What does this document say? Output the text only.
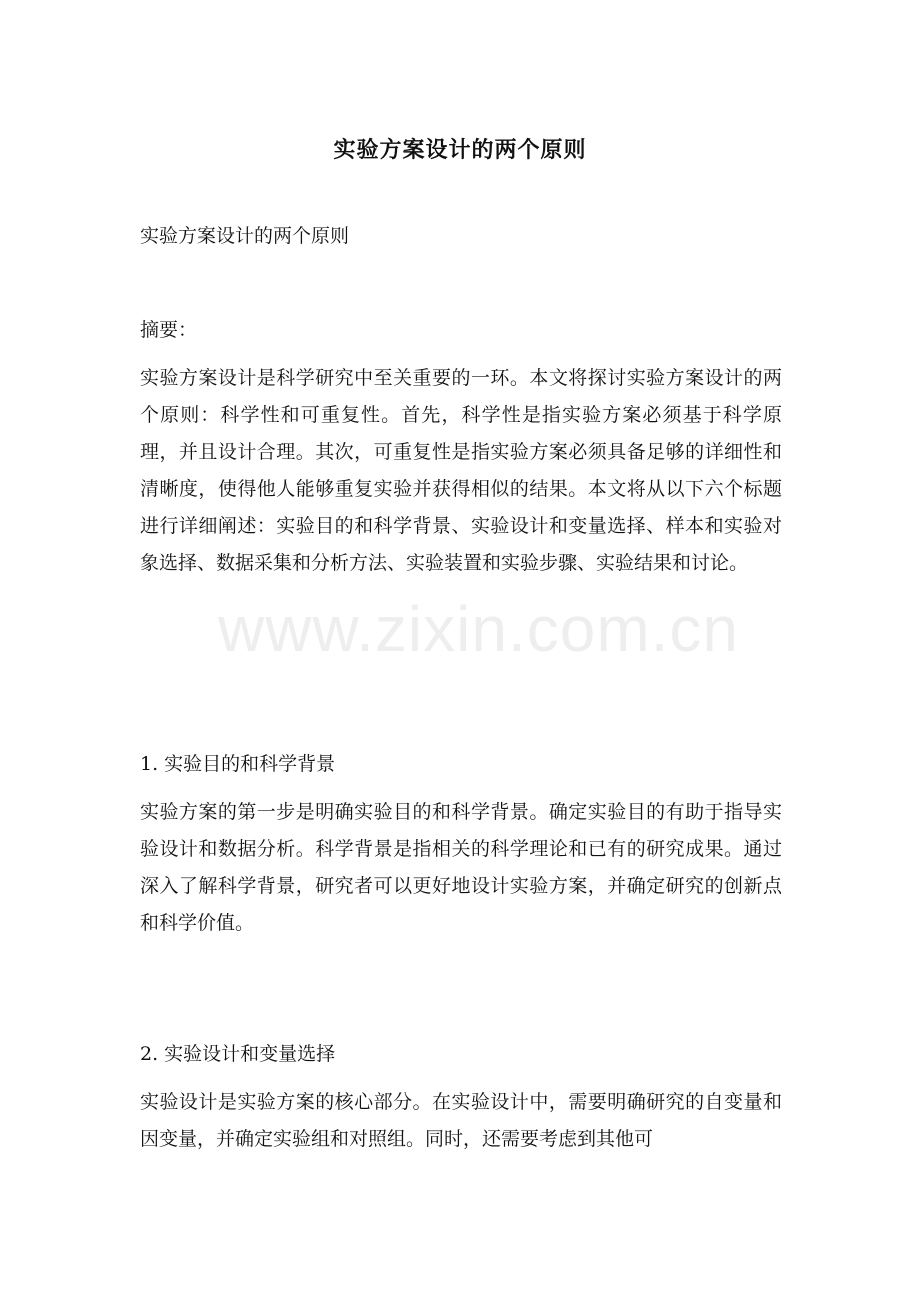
实验方案设计的两个原则

实验方案设计的两个原则

摘要：

实验方案设计是科学研究中至关重要的一环。本文将探讨实验方案设计的两个原则：科学性和可重复性。首先，科学性是指实验方案必须基于科学原理，并且设计合理。其次，可重复性是指实验方案必须具备足够的详细性和清晰度，使得他人能够重复实验并获得相似的结果。本文将从以下六个标题进行详细阐述：实验目的和科学背景、实验设计和变量选择、样本和实验对象选择、数据采集和分析方法、实验装置和实验步骤、实验结果和讨论。

1. 实验目的和科学背景

实验方案的第一步是明确实验目的和科学背景。确定实验目的有助于指导实验设计和数据分析。科学背景是指相关的科学理论和已有的研究成果。通过深入了解科学背景，研究者可以更好地设计实验方案，并确定研究的创新点和科学价值。

2. 实验设计和变量选择

实验设计是实验方案的核心部分。在实验设计中，需要明确研究的自变量和因变量，并确定实验组和对照组。同时，还需要考虑到其他可

www.zixin.com.cn
